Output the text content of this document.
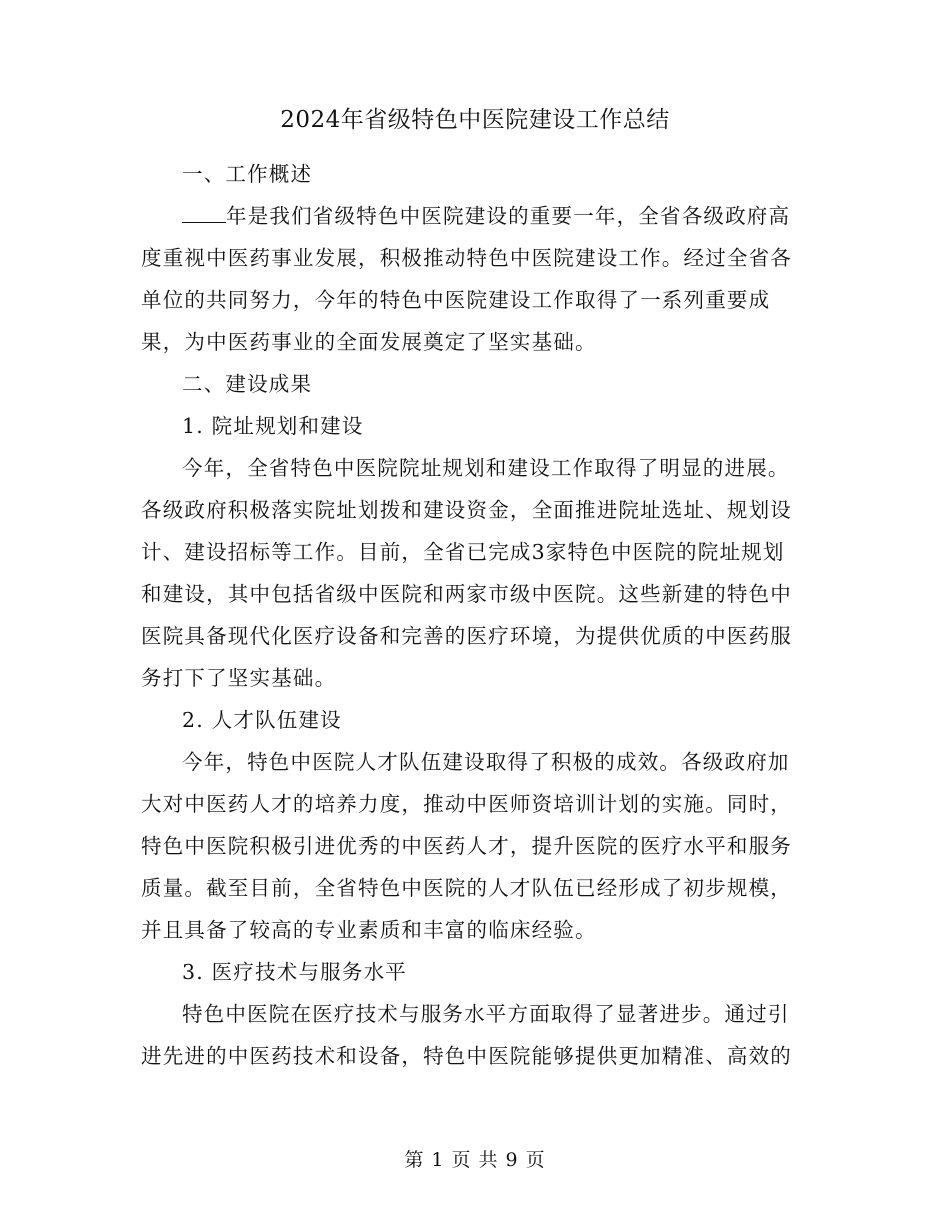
2024年省级特色中医院建设工作总结

一、工作概述

年是我们省级特色中医院建设的重要一年，全省各级政府高度重视中医药事业发展，积极推动特色中医院建设工作。经过全省各单位的共同努力，今年的特色中医院建设工作取得了一系列重要成果，为中医药事业的全面发展奠定了坚实基础。

二、建设成果

1. 院址规划和建设

今年，全省特色中医院院址规划和建设工作取得了明显的进展。各级政府积极落实院址划拨和建设资金，全面推进院址选址、规划设计、建设招标等工作。目前，全省已完成3家特色中医院的院址规划和建设，其中包括省级中医院和两家市级中医院。这些新建的特色中医院具备现代化医疗设备和完善的医疗环境，为提供优质的中医药服务打下了坚实基础。

2. 人才队伍建设

今年，特色中医院人才队伍建设取得了积极的成效。各级政府加大对中医药人才的培养力度，推动中医师资培训计划的实施。同时，特色中医院积极引进优秀的中医药人才，提升医院的医疗水平和服务质量。截至目前，全省特色中医院的人才队伍已经形成了初步规模，并且具备了较高的专业素质和丰富的临床经验。

3. 医疗技术与服务水平

特色中医院在医疗技术与服务水平方面取得了显著进步。通过引进先进的中医药技术和设备，特色中医院能够提供更加精准、高效的

第 1 页 共 9 页
